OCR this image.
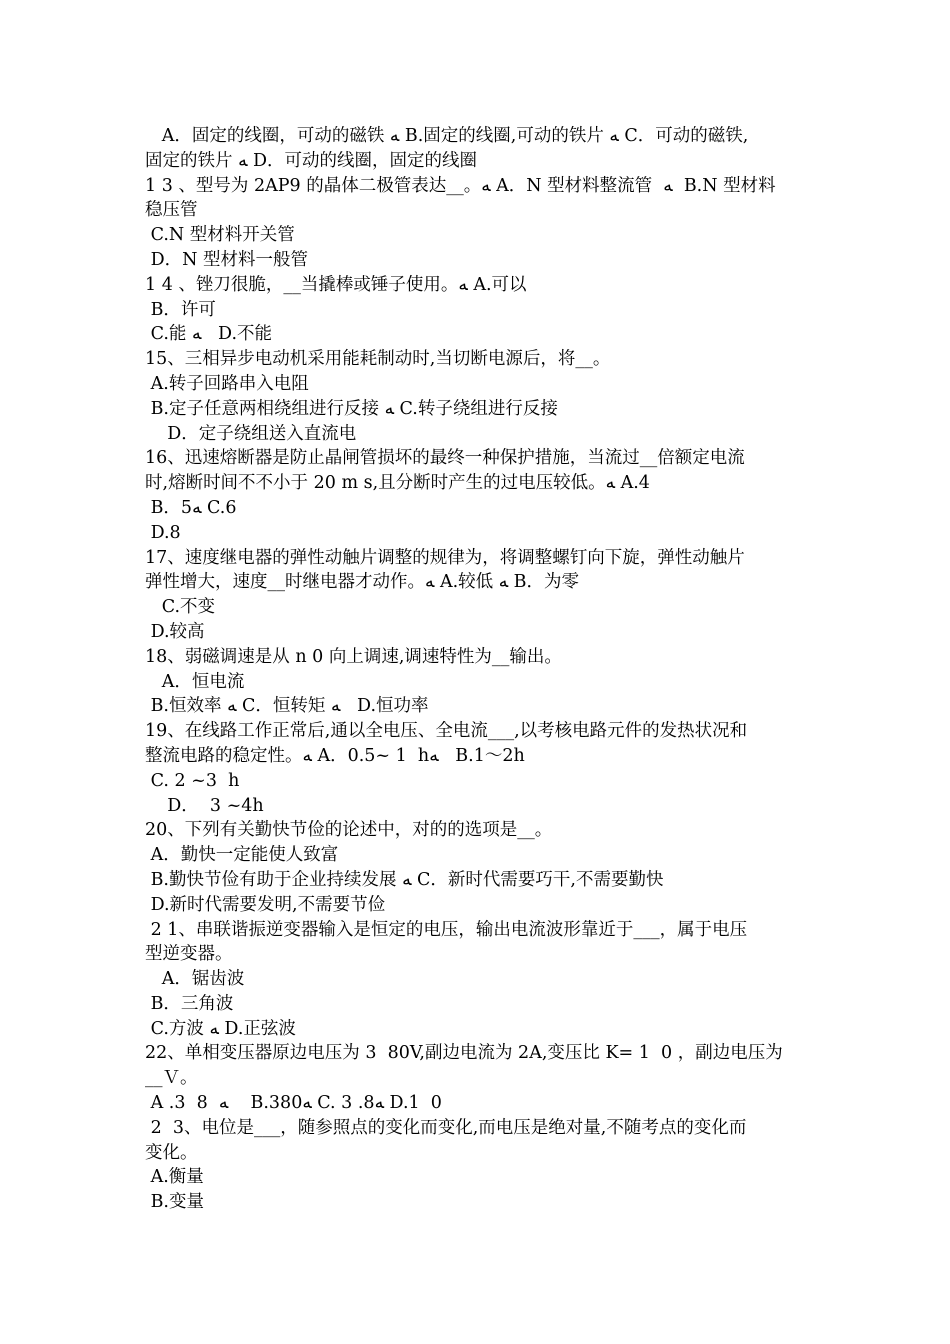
A．固定的线圈，可动的磁铁 ﻪ B.固定的线圈,可动的铁片 ﻪ C．可动的磁铁,
固定的铁片 ﻪ D．可动的线圈，固定的线圈
1 3 、型号为 2AP9 的晶体二极管表达__。ﻪ A．N 型材料整流管  ﻪ  B.N 型材料
稳压管
C.N 型材料开关管
D．N 型材料一般管
1 4 、锉刀很脆，__当撬棒或锤子使用。ﻪ A.可以
B．许可
C.能 ﻪ   D.不能
15、三相异步电动机采用能耗制动时,当切断电源后，将__。
A.转子回路串入电阻
B.定子任意两相绕组进行反接 ﻪ C.转子绕组进行反接
D．定子绕组送入直流电
16、迅速熔断器是防止晶闸管损坏的最终一种保护措施，当流过__倍额定电流
时,熔断时间不不小于 20 m s,且分断时产生的过电压较低。ﻪ A.4
B．5ﻪ C.6
D.8
17、速度继电器的弹性动触片调整的规律为，将调整螺钉向下旋，弹性动触片
弹性增大，速度__时继电器才动作。ﻪ A.较低 ﻪ B．为零
C.不变
D.较高
18、弱磁调速是从 n 0 向上调速,调速特性为__输出。
A．恒电流
B.恒效率 ﻪ C．恒转矩 ﻪ   D.恒功率
19、在线路工作正常后,通以全电压、全电流___,以考核电路元件的发热状况和
整流电路的稳定性。ﻪ A．0.5~ 1  hﻪ   B.1～2h
C. 2 ~3  h
D．  3 ~4h
20、下列有关勤快节俭的论述中，对的的选项是__。
A．勤快一定能使人致富
B.勤快节俭有助于企业持续发展 ﻪ C．新时代需要巧干,不需要勤快
D.新时代需要发明,不需要节俭
2 1、串联谐振逆变器输入是恒定的电压，输出电流波形靠近于___，属于电压
型逆变器。
A．锯齿波
B．三角波
C.方波 ﻪ D.正弦波
22、单相变压器原边电压为 3  80V,副边电流为 2A,变压比 K= 1  0 ，副边电压为
__Ｖ。
A .3  8  ﻪ    B.380ﻪ C. 3 .8ﻪ D.1  0
2  3、电位是___，随参照点的变化而变化,而电压是绝对量,不随考点的变化而
变化。
A.衡量
B.变量
